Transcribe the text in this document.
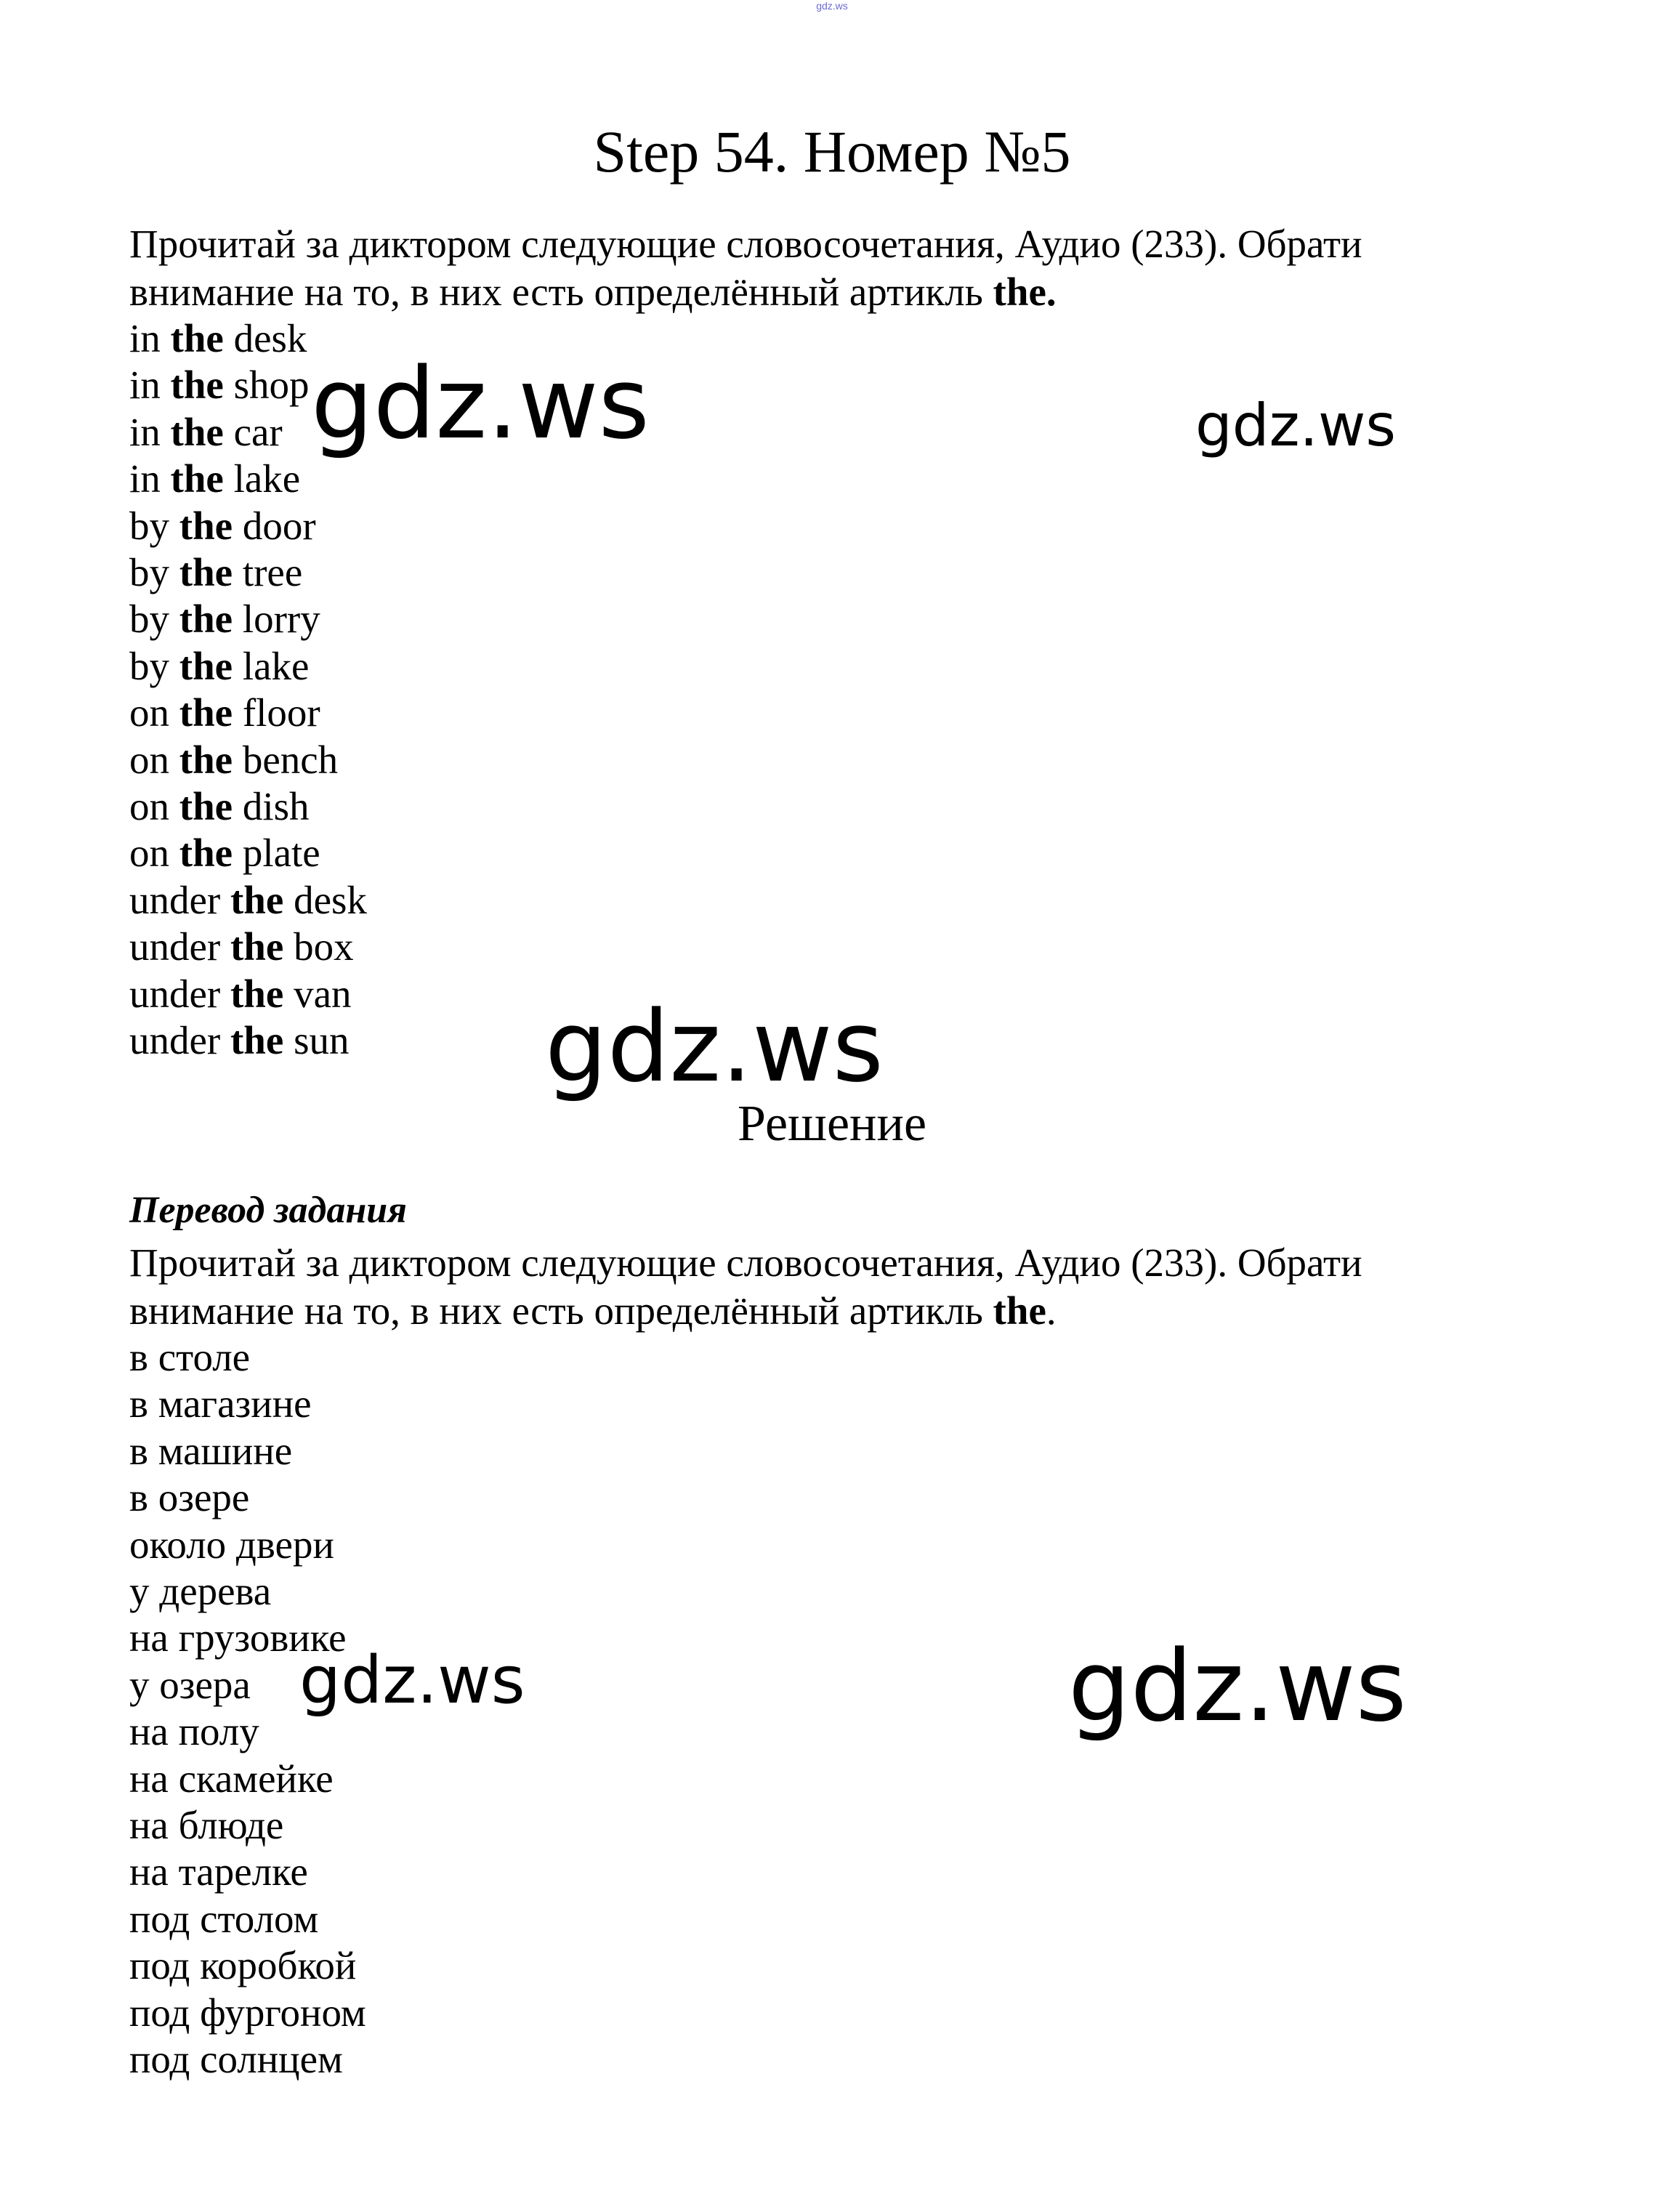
gdz.ws
Step 54. Номер №5
Прочитай за диктором следующие словосочетания, Аудио (233). Обрати
внимание на то, в них есть определённый артикль the.
in the desk
in the shop
in the car
in the lake
by the door
by the tree
by the lorry
by the lake
on the floor
on the bench
on the dish
on the plate
under the desk
under the box
under the van
under the sun
Решение
Перевод задания
Прочитай за диктором следующие словосочетания, Аудио (233). Обрати
внимание на то, в них есть определённый артикль the.
в столе
в магазине
в машине
в озере
около двери
у дерева
на грузовике
у озера
на полу
на скамейке
на блюде
на тарелке
под столом
под коробкой
под фургоном
под солнцем
gdz.ws	gdz.ws
gdz.ws
gdz.ws	gdz.ws
